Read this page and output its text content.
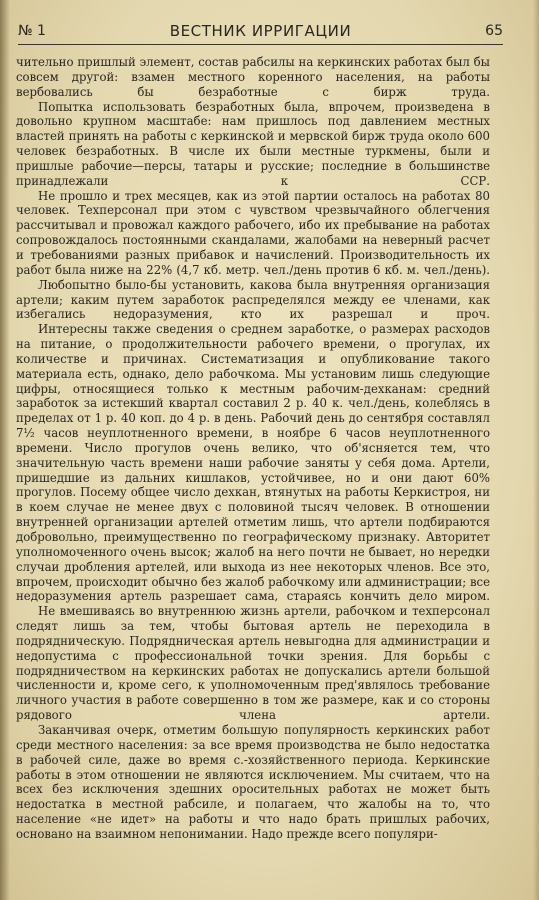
№ 1	ВЕСТНИК ИРРИГАЦИИ	65

чительно пришлый элемент, состав рабсилы на керкинских работах был бы совсем другой: взамен местного коренного населения, на работы вербовались бы безработные с бирж труда.

Попытка использовать безработных была, впрочем, произведена в довольно крупном масштабе: нам пришлось под давлением местных властей принять на работы с керкинской и мервской бирж труда около 600 человек безработных. В числе их были местные туркмены, были и пришлые рабочие—персы, татары и русские; последние в большинстве принадлежали к ССР.

Не прошло и трех месяцев, как из этой партии осталось на работах 80 человек. Техперсонал при этом с чувством чрезвычайного облегчения рассчитывал и провожал каждого рабочего, ибо их пребывание на работах сопровождалось постоянными скандалами, жалобами на неверный расчет и требованиями разных прибавок и начислений. Производительность их работ была ниже на 22% (4,7 кб. метр. чел./день против 6 кб. м. чел./день).

Любопытно было-бы установить, какова была внутренняя организация артели; каким путем заработок распределялся между ее членами, как избегались недоразумения, кто их разрешал и проч.

Интересны также сведения о среднем заработке, о размерах расходов на питание, о продолжительности рабочего времени, о прогулах, их количестве и причинах. Систематизация и опубликование такого материала есть, однако, дело рабочкома. Мы установим лишь следующие цифры, относящиеся только к местным рабочим-дехканам: средний заработок за истекший квартал составил 2 р. 40 к. чел./день, колеблясь в пределах от 1 р. 40 коп. до 4 р. в день. Рабочий день до сентября составлял 7½ часов неуплотненного времени, в ноябре 6 часов неуплотненного времени. Число прогулов очень велико, что об'ясняется тем, что значительную часть времени наши рабочие заняты у себя дома. Артели, пришедшие из дальних кишлаков, устойчивее, но и они дают 60% прогулов. Посему общее число дехкан, втянутых на работы Керкистроя, ни в коем случае не менее двух с половиной тысяч человек. В отношении внутренней организации артелей отметим лишь, что артели подбираются добровольно, преимущественно по географическому признаку. Авторитет уполномоченного очень высок; жалоб на него почти не бывает, но нередки случаи дробления артелей, или выхода из нее некоторых членов. Все это, впрочем, происходит обычно без жалоб рабочкому или администрации; все недоразумения артель разрешает сама, стараясь кончить дело миром.

Не вмешиваясь во внутреннюю жизнь артели, рабочком и техперсонал следят лишь за тем, чтобы бытовая артель не переходила в подрядническую. Подрядническая артель невыгодна для администрации и недопустима с профессиональной точки зрения. Для борьбы с подрядничеством на керкинских работах не допускались артели большой численности и, кроме сего, к уполномоченным пред'являлось требование личного участия в работе совершенно в том же размере, как и со стороны рядового члена артели.

Заканчивая очерк, отметим большую популярность керкинских работ среди местного населения: за все время производства не было недостатка в рабочей силе, даже во время с.-хозяйственного периода. Керкинские работы в этом отношении не являются исключением. Мы считаем, что на всех без исключения здешних оросительных работах не может быть недостатка в местной рабсиле, и полагаем, что жалобы на то, что население «не идет» на работы и что надо брать пришлых рабочих, основано на взаимном непонимании. Надо прежде всего популяри-
